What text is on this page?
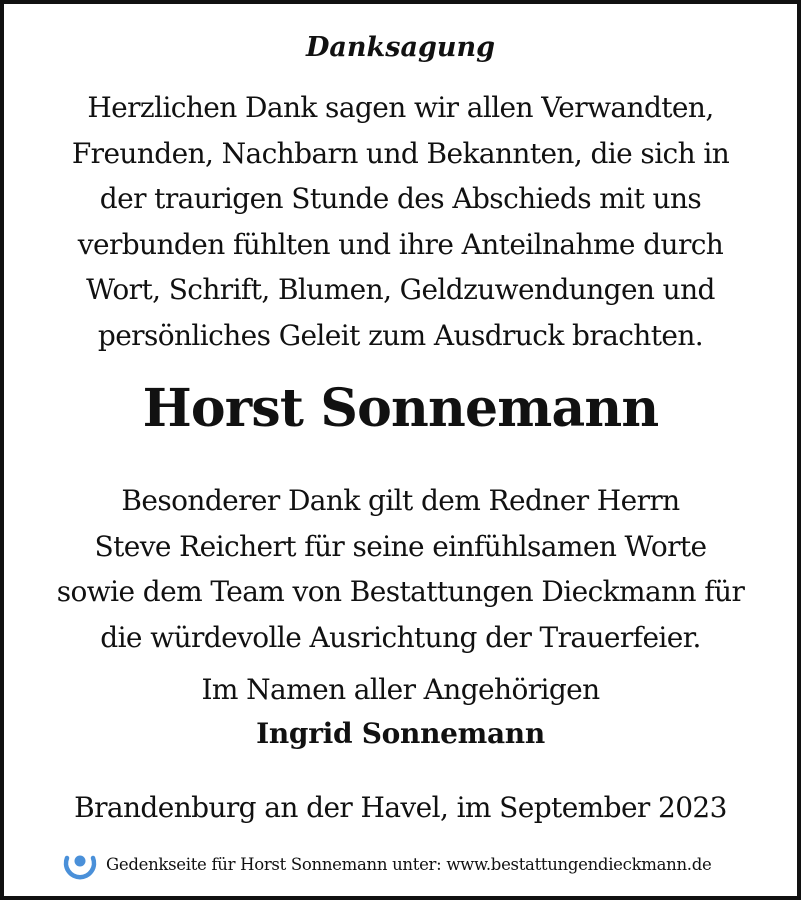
Danksagung
Herzlichen Dank sagen wir allen Verwandten,
Freunden, Nachbarn und Bekannten, die sich in
der traurigen Stunde des Abschieds mit uns
verbunden fühlten und ihre Anteilnahme durch
Wort, Schrift, Blumen, Geldzuwendungen und
persönliches Geleit zum Ausdruck brachten.
Horst Sonnemann
Besonderer Dank gilt dem Redner Herrn
Steve Reichert für seine einfühlsamen Worte
sowie dem Team von Bestattungen Dieckmann für
die würdevolle Ausrichtung der Trauerfeier.
Im Namen aller Angehörigen
Ingrid Sonnemann
Brandenburg an der Havel, im September 2023
Gedenkseite für Horst Sonnemann unter: www.bestattungendieckmann.de
